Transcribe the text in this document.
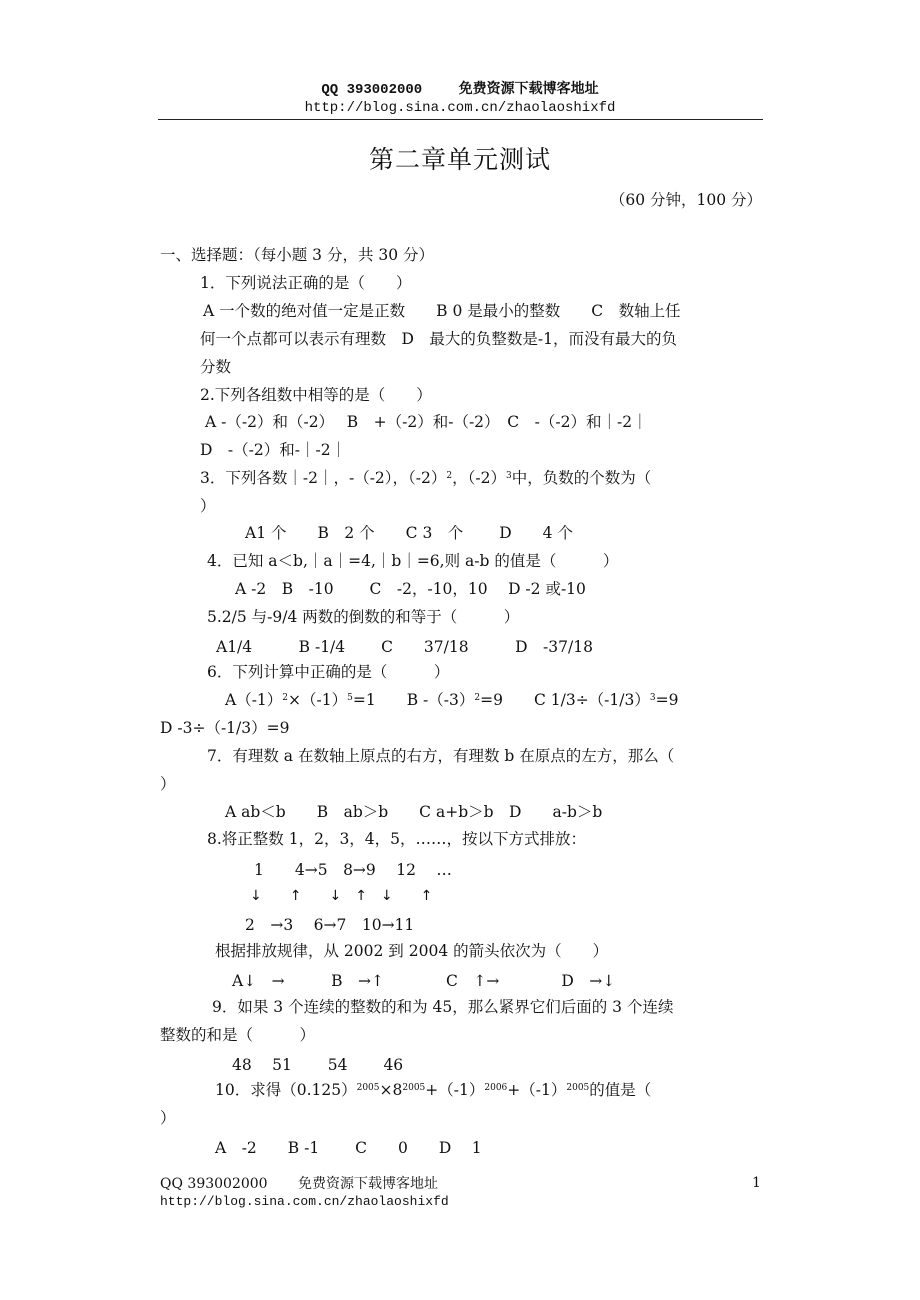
QQ 393002000	免费资源下载博客地址
http://blog.sina.com.cn/zhaolaoshixfd
第二章单元测试
（60 分钟，100 分）
一、选择题：（每小题 3 分，共 30 分）
1．下列说法正确的是（　　）
A 一个数的绝对值一定是正数　　B 0 是最小的整数　　C　数轴上任
何一个点都可以表示有理数　D　最大的负整数是-1，而没有最大的负
分数
2.下列各组数中相等的是（　　）
A -（-2）和（-2）　 B　+（-2）和-（-2）　C　-（-2）和｜-2｜
D　-（-2）和-｜-2｜
3．下列各数｜-2｜，-（-2），$(-2)^2$，$(-2)^3$中，负数的个数为（
）
A1 个　　B　2 个　　C 3　个　　 D　　4 个
4．已知 a＜b,｜a｜=4,｜b｜=6,则 a-b 的值是（　　　）
A -2　B　-10　　 C　-2，-10，10　 D -2 或-10
5.2/5 与-9/4 两数的倒数的和等于（　　　）
A1/4　　　B -1/4　　 C　　37/18　　　D　-37/18
6．下列计算中正确的是（　　　）
$A(-1)^2\times(-1)^5=1$　　B $-(-3)^2=9$　　C $1/3\div(-1/3)^3=9$
D -3÷（-1/3）=9
7．有理数 a 在数轴上原点的右方，有理数 b 在原点的左方，那么（
）
A ab＜b　　B　ab＞b　　C a+b＞b　D　　a-b＞b
8.将正整数 1，2，3，4，5，……，按以下方式排放：
1　　4→5　8→9　 12　 …
↓　　↑　　↓　↑　↓　　↑
2　→3　 6→7　10→11
根据排放规律，从 2002 到 2004 的箭头依次为（　　）
A↓　→　　　B　→↑　　　　C　↑→　　　　D　→↓
9．如果 3 个连续的整数的和为 45，那么紧界它们后面的 3 个连续
整数的和是（　　　）
48　 51　　 54　　 46
10．求得$(0.125)^{2005}\times 8^{2005}+(-1)^{2006}+(-1)^{2005}$的值是（
）
A　-2　　B -1　　 C　　0　　D　 1
QQ 393002000 免费资源下载博客地址
http://blog.sina.com.cn/zhaolaoshixfd
1
